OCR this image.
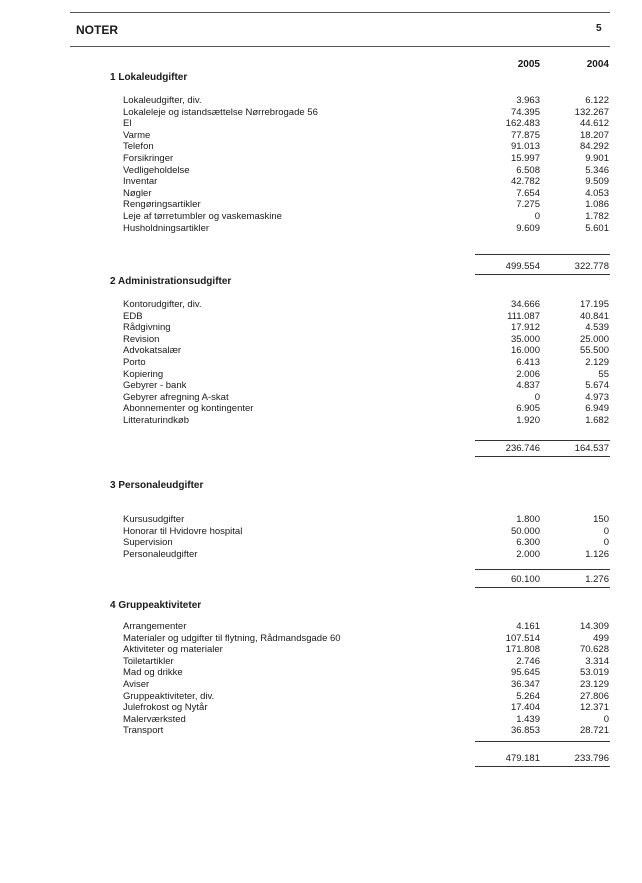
NOTER	5
2005	2004
1 Lokaleudgifter
Lokaleudgifter, div.	3.963	6.122
Lokaleleje og istandsættelse Nørrebrogade 56	74.395	132.267
El	162.483	44.612
Varme	77.875	18.207
Telefon	91.013	84.292
Forsikringer	15.997	9.901
Vedligeholdelse	6.508	5.346
Inventar	42.782	9.509
Nøgler	7.654	4.053
Rengøringsartikler	7.275	1.086
Leje af tørretumbler og vaskemaskine	0	1.782
Husholdningsartikler	9.609	5.601
499.554	322.778
2 Administrationsudgifter
Kontorudgifter, div.	34.666	17.195
EDB	111.087	40.841
Rådgivning	17.912	4.539
Revision	35.000	25.000
Advokatsalær	16.000	55.500
Porto	6.413	2.129
Kopiering	2.006	55
Gebyrer - bank	4.837	5.674
Gebyrer afregning A-skat	0	4.973
Abonnementer og kontingenter	6.905	6.949
Litteraturindkøb	1.920	1.682
236.746	164.537
3 Personaleudgifter
Kursusudgifter	1.800	150
Honorar til Hvidovre hospital	50.000	0
Supervision	6.300	0
Personaleudgifter	2.000	1.126
60.100	1.276
4 Gruppeaktiviteter
Arrangementer	4.161	14.309
Materialer og udgifter til flytning, Rådmandsgade 60	107.514	499
Aktiviteter og materialer	171.808	70.628
Toiletartikler	2.746	3.314
Mad og drikke	95.645	53.019
Aviser	36.347	23.129
Gruppeaktiviteter, div.	5.264	27.806
Julefrokost og Nytår	17.404	12.371
Malerværksted	1.439	0
Transport	36.853	28.721
479.181	233.796
